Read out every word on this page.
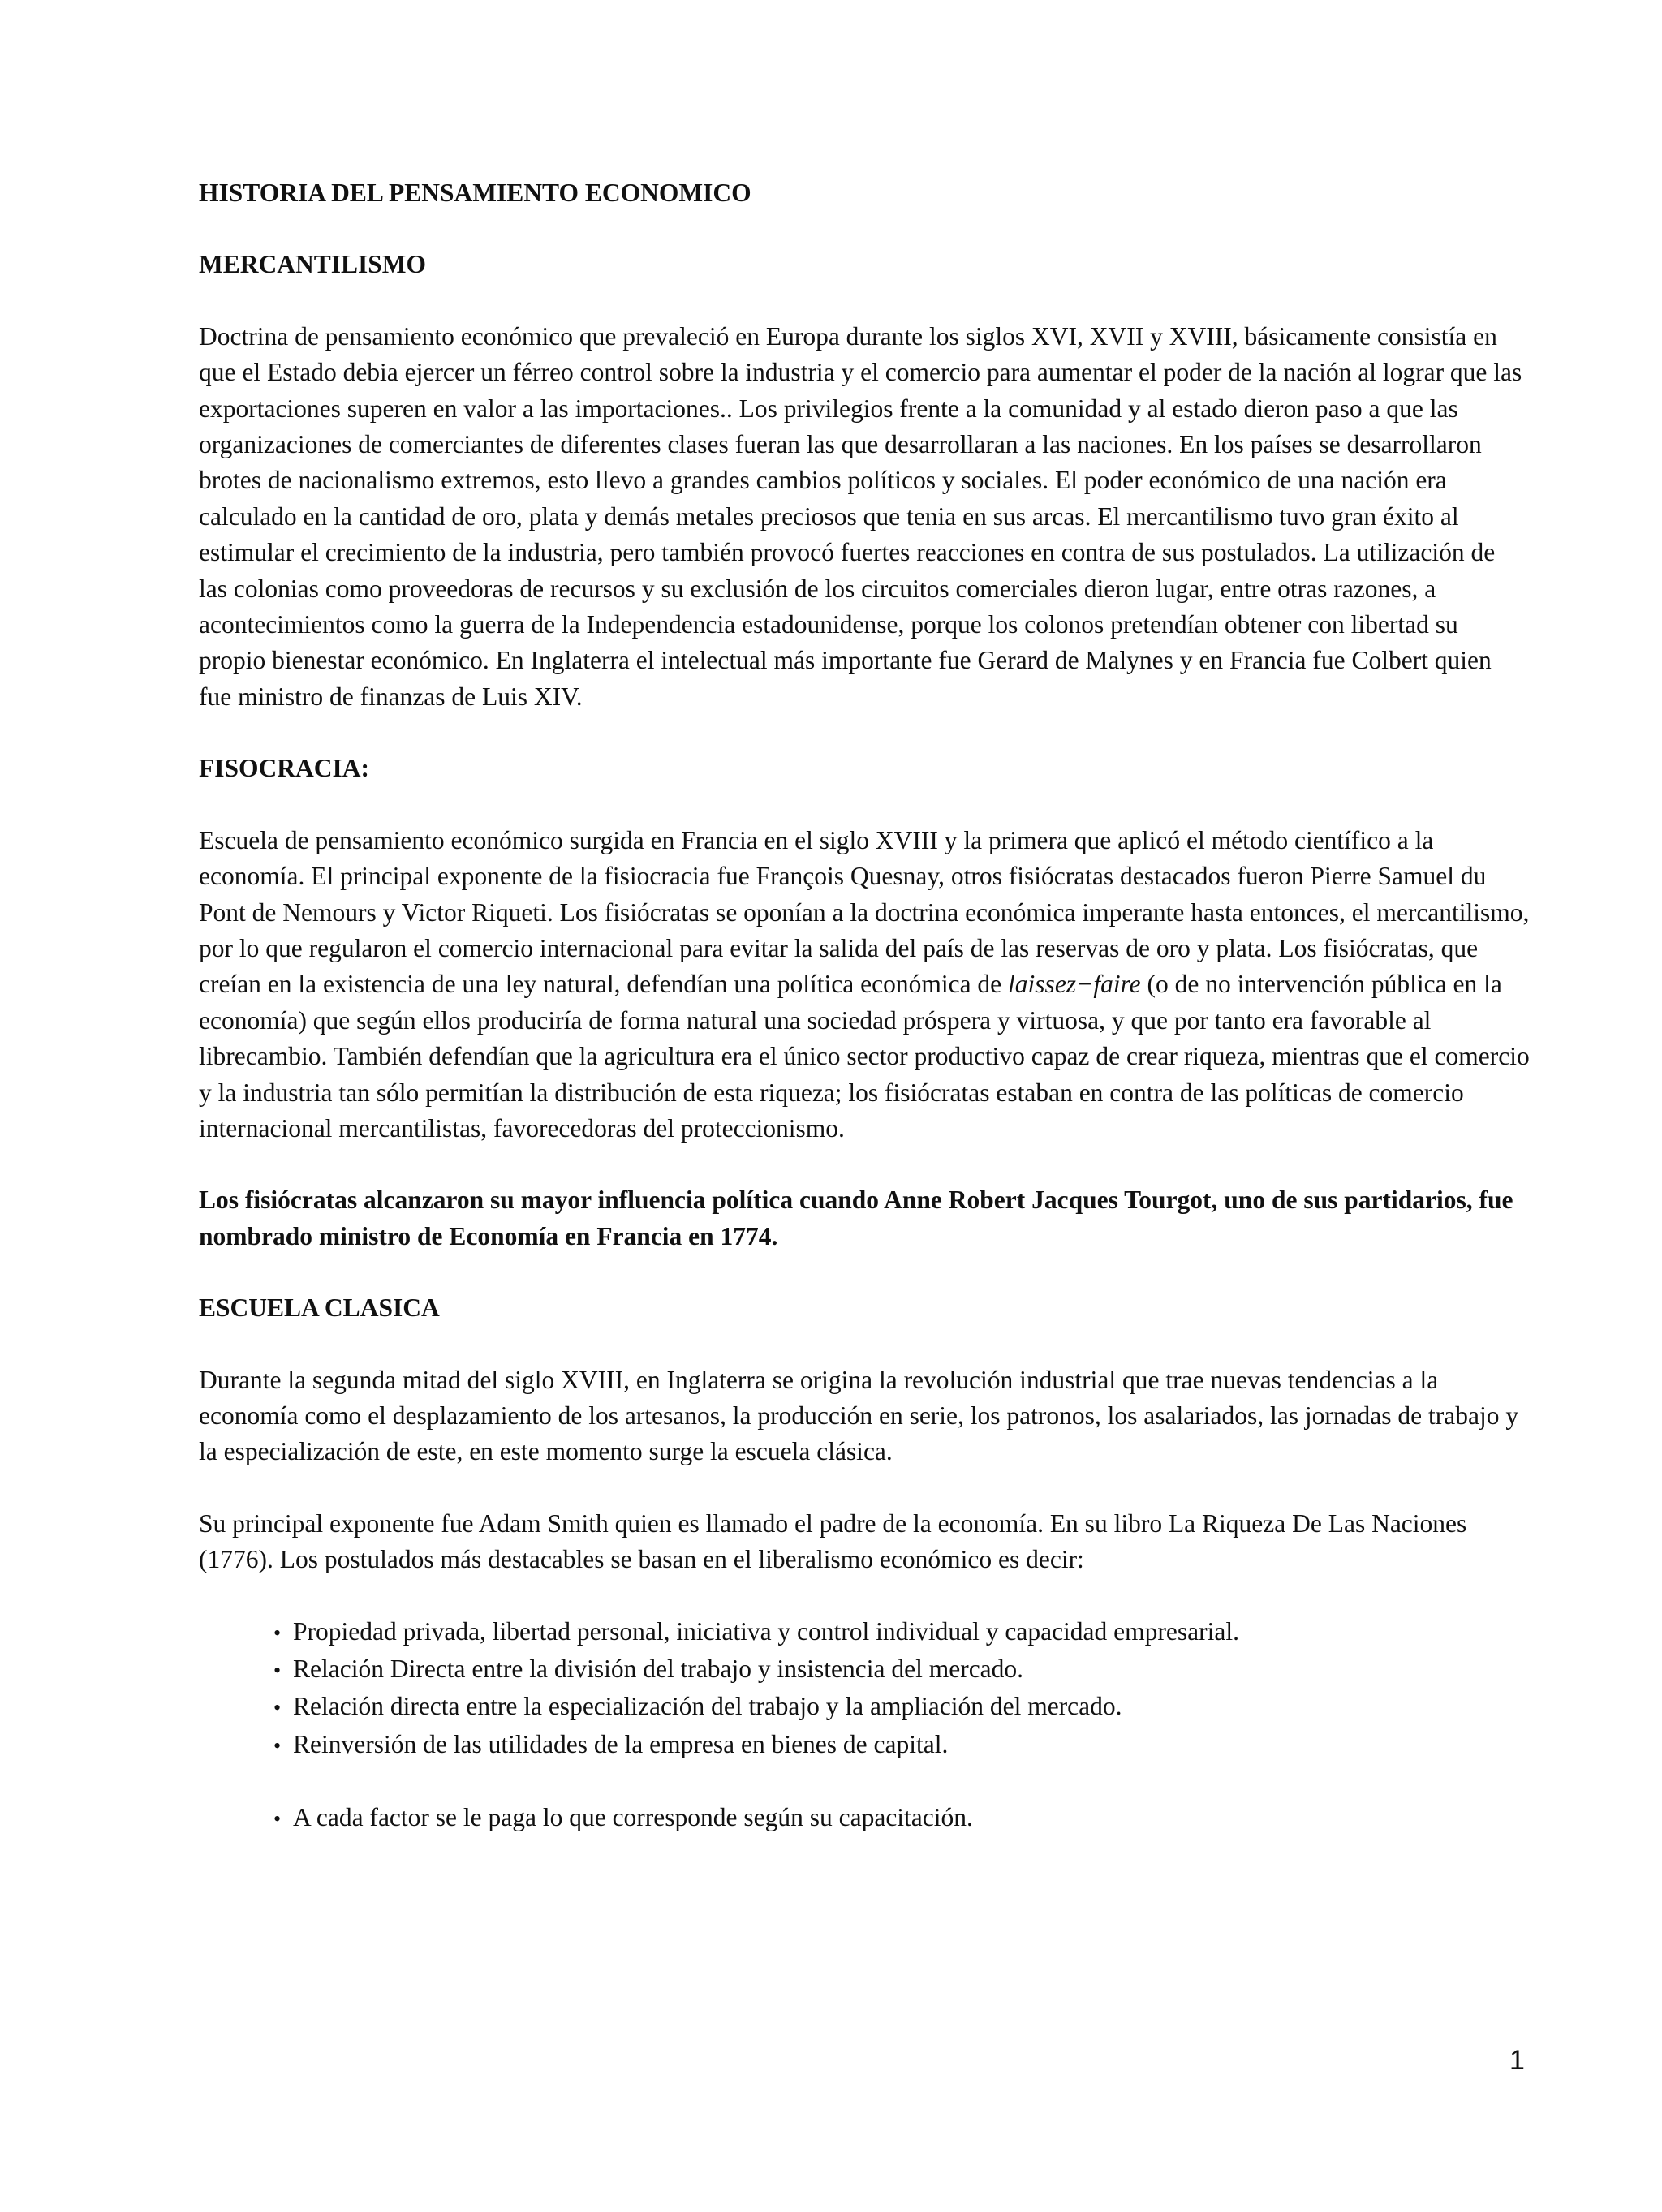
HISTORIA DEL PENSAMIENTO ECONOMICO
MERCANTILISMO

Doctrina de pensamiento económico que prevaleció en Europa durante los siglos XVI, XVII y XVIII, básicamente consistía en que el Estado debia ejercer un férreo control sobre la industria y el comercio para aumentar el poder de la nación al lograr que las exportaciones superen en valor a las importaciones.. Los privilegios frente a la comunidad y al estado dieron paso a que las organizaciones de comerciantes de diferentes clases fueran las que desarrollaran a las naciones. En los países se desarrollaron brotes de nacionalismo extremos, esto llevo a grandes cambios políticos y sociales. El poder económico de una nación era calculado en la cantidad de oro, plata y demás metales preciosos que tenia en sus arcas. El mercantilismo tuvo gran éxito al estimular el crecimiento de la industria, pero también provocó fuertes reacciones en contra de sus postulados. La utilización de las colonias como proveedoras de recursos y su exclusión de los circuitos comerciales dieron lugar, entre otras razones, a acontecimientos como la guerra de la Independencia estadounidense, porque los colonos pretendían obtener con libertad su propio bienestar económico. En Inglaterra el intelectual más importante fue Gerard de Malynes y en Francia fue Colbert quien fue ministro de finanzas de Luis XIV.

FISOCRACIA:

Escuela de pensamiento económico surgida en Francia en el siglo XVIII y la primera que aplicó el método científico a la economía. El principal exponente de la fisiocracia fue François Quesnay, otros fisiócratas destacados fueron Pierre Samuel du Pont de Nemours y Victor Riqueti. Los fisiócratas se oponían a la doctrina económica imperante hasta entonces, el mercantilismo, por lo que regularon el comercio internacional para evitar la salida del país de las reservas de oro y plata. Los fisiócratas, que creían en la existencia de una ley natural, defendían una política económica de laissez−faire (o de no intervención pública en la economía) que según ellos produciría de forma natural una sociedad próspera y virtuosa, y que por tanto era favorable al librecambio. También defendían que la agricultura era el único sector productivo capaz de crear riqueza, mientras que el comercio y la industria tan sólo permitían la distribución de esta riqueza; los fisiócratas estaban en contra de las políticas de comercio internacional mercantilistas, favorecedoras del proteccionismo.

Los fisiócratas alcanzaron su mayor influencia política cuando Anne Robert Jacques Tourgot, uno de sus partidarios, fue nombrado ministro de Economía en Francia en 1774.

ESCUELA CLASICA

Durante la segunda mitad del siglo XVIII, en Inglaterra se origina la revolución industrial que trae nuevas tendencias a la economía como el desplazamiento de los artesanos, la producción en serie, los patronos, los asalariados, las jornadas de trabajo y la especialización de este, en este momento surge la escuela clásica.

Su principal exponente fue Adam Smith quien es llamado el padre de la economía. En su libro La Riqueza De Las Naciones (1776). Los postulados más destacables se basan en el liberalismo económico es decir:

• Propiedad privada, libertad personal, iniciativa y control individual y capacidad empresarial.
• Relación Directa entre la división del trabajo y insistencia del mercado.
• Relación directa entre la especialización del trabajo y la ampliación del mercado.
• Reinversión de las utilidades de la empresa en bienes de capital.
• A cada factor se le paga lo que corresponde según su capacitación.
1
